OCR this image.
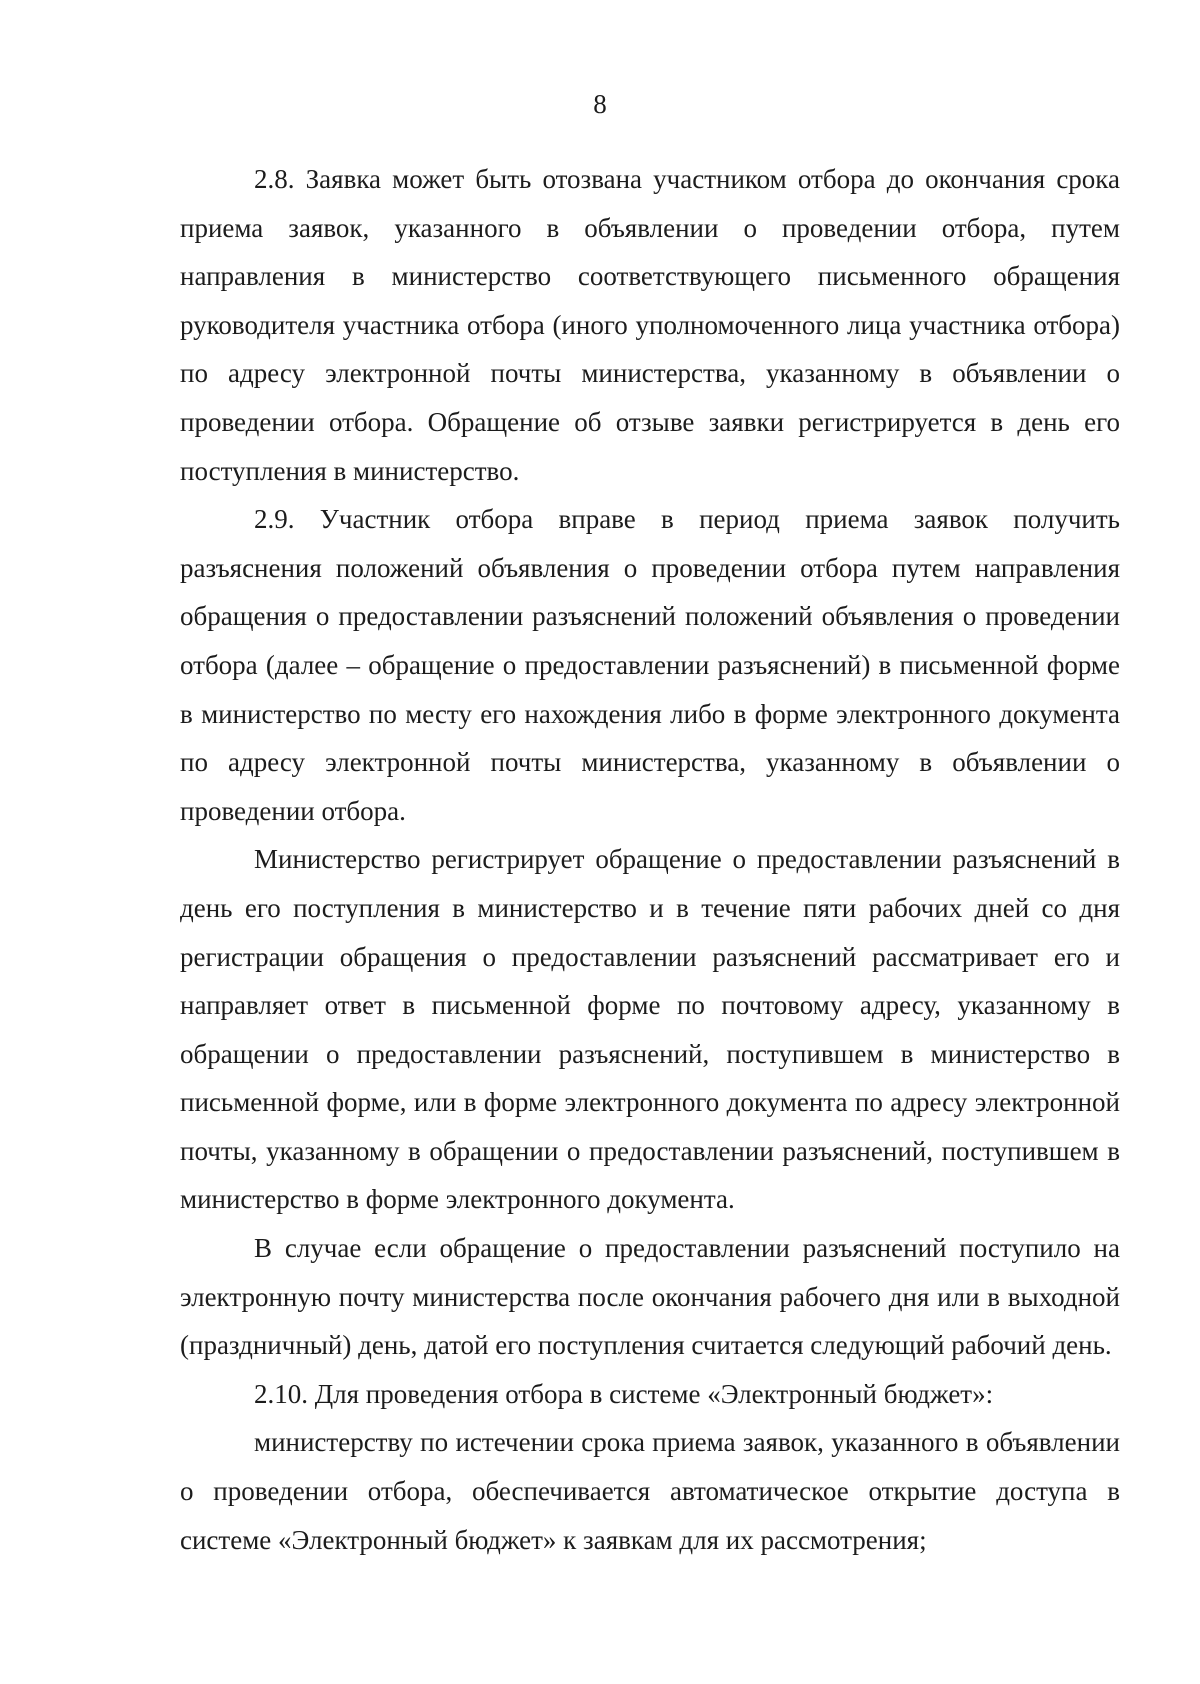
8

2.8. Заявка может быть отозвана участником отбора до окончания срока приема заявок, указанного в объявлении о проведении отбора, путем направления в министерство соответствующего письменного обращения руководителя участника отбора (иного уполномоченного лица участника отбора) по адресу электронной почты министерства, указанному в объявлении о проведении отбора. Обращение об отзыве заявки регистрируется в день его поступления в министерство.

2.9. Участник отбора вправе в период приема заявок получить разъяснения положений объявления о проведении отбора путем направления обращения о предоставлении разъяснений положений объявления о проведении отбора (далее – обращение о предоставлении разъяснений) в письменной форме в министерство по месту его нахождения либо в форме электронного документа по адресу электронной почты министерства, указанному в объявлении о проведении отбора.

Министерство регистрирует обращение о предоставлении разъяснений в день его поступления в министерство и в течение пяти рабочих дней со дня регистрации обращения о предоставлении разъяснений рассматривает его и направляет ответ в письменной форме по почтовому адресу, указанному в обращении о предоставлении разъяснений, поступившем в министерство в письменной форме, или в форме электронного документа по адресу электронной почты, указанному в обращении о предоставлении разъяснений, поступившем в министерство в форме электронного документа.

В случае если обращение о предоставлении разъяснений поступило на электронную почту министерства после окончания рабочего дня или в выходной (праздничный) день, датой его поступления считается следующий рабочий день.

2.10. Для проведения отбора в системе «Электронный бюджет»:

министерству по истечении срока приема заявок, указанного в объявлении о проведении отбора, обеспечивается автоматическое открытие доступа в системе «Электронный бюджет» к заявкам для их рассмотрения;
